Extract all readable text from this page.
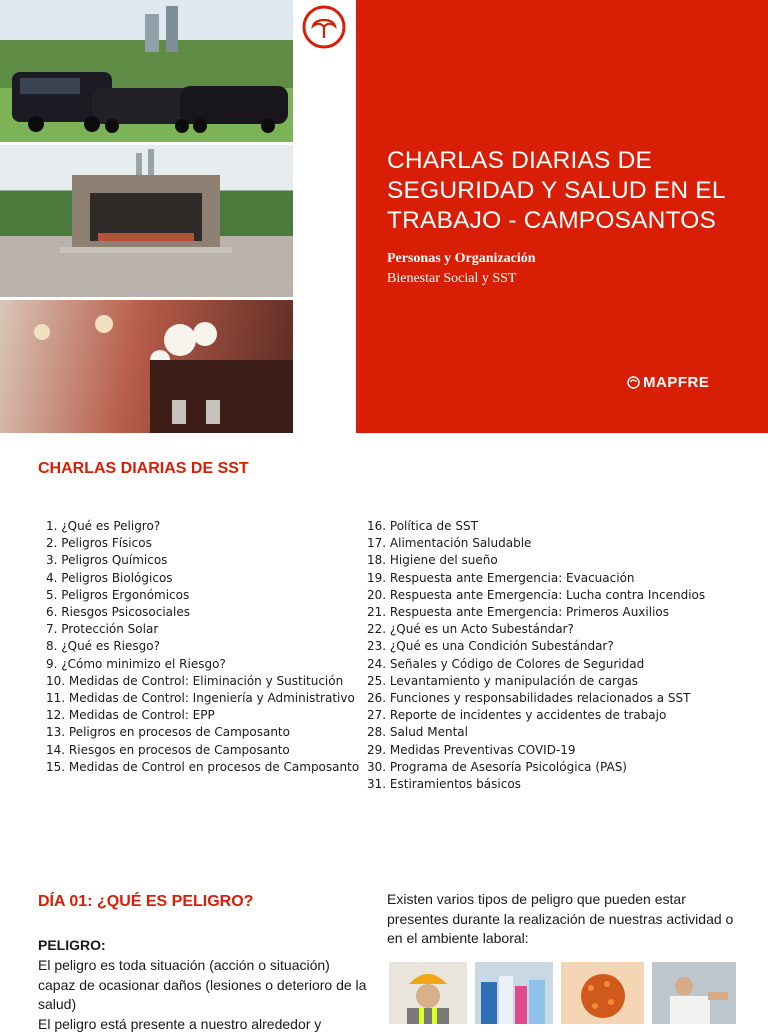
CHARLAS DIARIAS DE SEGURIDAD Y SALUD EN EL TRABAJO - CAMPOSANTOS
Personas y Organización
Bienestar Social y SST
MAPFRE
CHARLAS DIARIAS DE SST
1. ¿Qué es Peligro?
2. Peligros Físicos
3. Peligros Químicos
4. Peligros Biológicos
5. Peligros Ergonómicos
6. Riesgos Psicosociales
7. Protección Solar
8. ¿Qué es Riesgo?
9. ¿Cómo minimizo el Riesgo?
10. Medidas de Control: Eliminación y Sustitución
11. Medidas de Control: Ingeniería y Administrativo
12. Medidas de Control: EPP
13. Peligros en procesos de Camposanto
14. Riesgos en procesos de Camposanto
15. Medidas de Control en procesos de Camposanto
16. Política de SST
17. Alimentación Saludable
18. Higiene del sueño
19. Respuesta ante Emergencia: Evacuación
20. Respuesta ante Emergencia: Lucha contra Incendios
21. Respuesta ante Emergencia: Primeros Auxilios
22. ¿Qué es un Acto Subestándar?
23. ¿Qué es una Condición Subestándar?
24. Señales y Código de Colores de Seguridad
25. Levantamiento y manipulación de cargas
26. Funciones y responsabilidades relacionados a SST
27. Reporte de incidentes y accidentes de trabajo
28. Salud Mental
29. Medidas Preventivas COVID-19
30. Programa de Asesoría Psicológica (PAS)
31. Estiramientos básicos
DÍA 01: ¿QUÉ ES PELIGRO?
PELIGRO:
El peligro es toda situación (acción o situación) capaz de ocasionar daños (lesiones o deterioro de la salud)
El peligro está presente a nuestro alrededor y
Existen varios tipos de peligro que pueden estar presentes durante la realización de nuestras actividad o en el ambiente laboral:
